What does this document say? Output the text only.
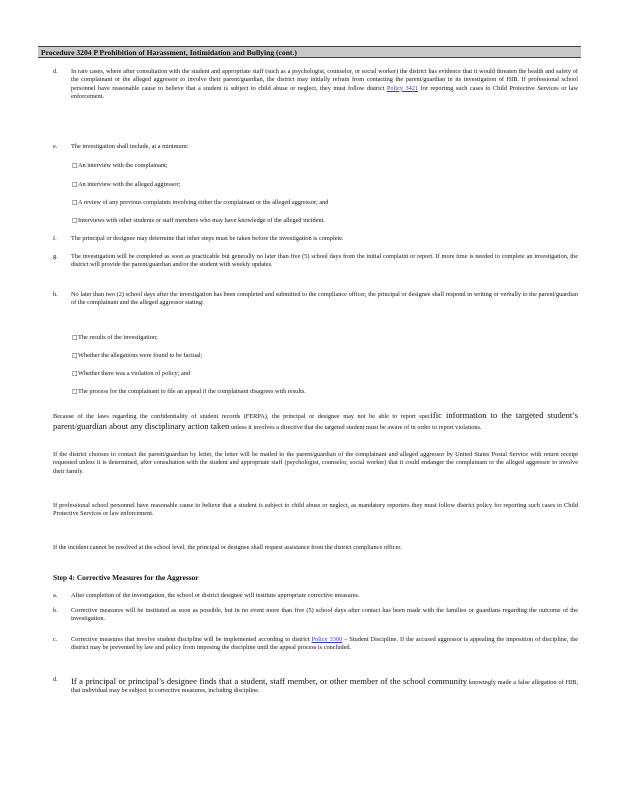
Procedure 3204 P Prohibition of Harassment, Intimidation and Bullying (cont.)
d. In rare cases, where after consultation with the student and appropriate staff (such as a psychologist, counselor, or social worker) the district has evidence that it would threaten the health and safety of the complainant or the alleged aggressor to involve their parent/guardian, the district may initially refrain from contacting the parent/guardian in its investigation of HIB. If professional school personnel have reasonable cause to believe that a student is subject to child abuse or neglect, they must follow district Policy 3421 for reporting such cases to Child Protective Services or law enforcement.
e. The investigation shall include, at a minimum:
□ An interview with the complainant;
□ An interview with the alleged aggressor;
□ A review of any previous complaints involving either the complainant or the alleged aggressor; and
□ Interviews with other students or staff members who may have knowledge of the alleged incident.
f. The principal or designee may determine that other steps must be taken before the investigation is complete.
g. The investigation will be completed as soon as practicable but generally no later than five (5) school days from the initial complaint or report. If more time is needed to complete an investigation, the district will provide the parent/guardian and/or the student with weekly updates.
h. No later than two (2) school days after the investigation has been completed and submitted to the compliance officer, the principal or designee shall respond in writing or verbally to the parent/guardian of the complainant and the alleged aggressor stating:
□ The results of the investigation;
□ Whether the allegations were found to be factual;
□ Whether there was a violation of policy; and
□ The process for the complainant to file an appeal if the complainant disagrees with results.
Because of the laws regarding the confidentiality of student records (FERPA), the principal or designee may not be able to report specific information to the targeted student’s parent/guardian about any disciplinary action taken unless it involves a directive that the targeted student must be aware of in order to report violations.
If the district chooses to contact the parent/guardian by letter, the letter will be mailed to the parent/guardian of the complainant and alleged aggressor by United States Postal Service with return receipt requested unless it is determined, after consultation with the student and appropriate staff (psychologist, counselor, social worker) that it could endanger the complainant or the alleged aggressor to involve their family.
If professional school personnel have reasonable cause to believe that a student is subject to child abuse or neglect, as mandatory reporters they must follow district policy for reporting such cases to Child Protective Services or law enforcement.
If the incident cannot be resolved at the school level, the principal or designee shall request assistance from the district compliance officer.
Step 4: Corrective Measures for the Aggressor
a. After completion of the investigation, the school or district designee will institute appropriate corrective measures.
b. Corrective measures will be instituted as soon as possible, but in no event more than five (5) school days after contact has been made with the families or guardians regarding the outcome of the investigation.
c. Corrective measures that involve student discipline will be implemented according to district Policy 3300 – Student Discipline. If the accused aggressor is appealing the imposition of discipline, the district may be prevented by law and policy from imposing the discipline until the appeal process is concluded.
d. If a principal or principal’s designee finds that a student, staff member, or other member of the school community knowingly made a false allegation of HIB, that individual may be subject to corrective measures, including discipline.
